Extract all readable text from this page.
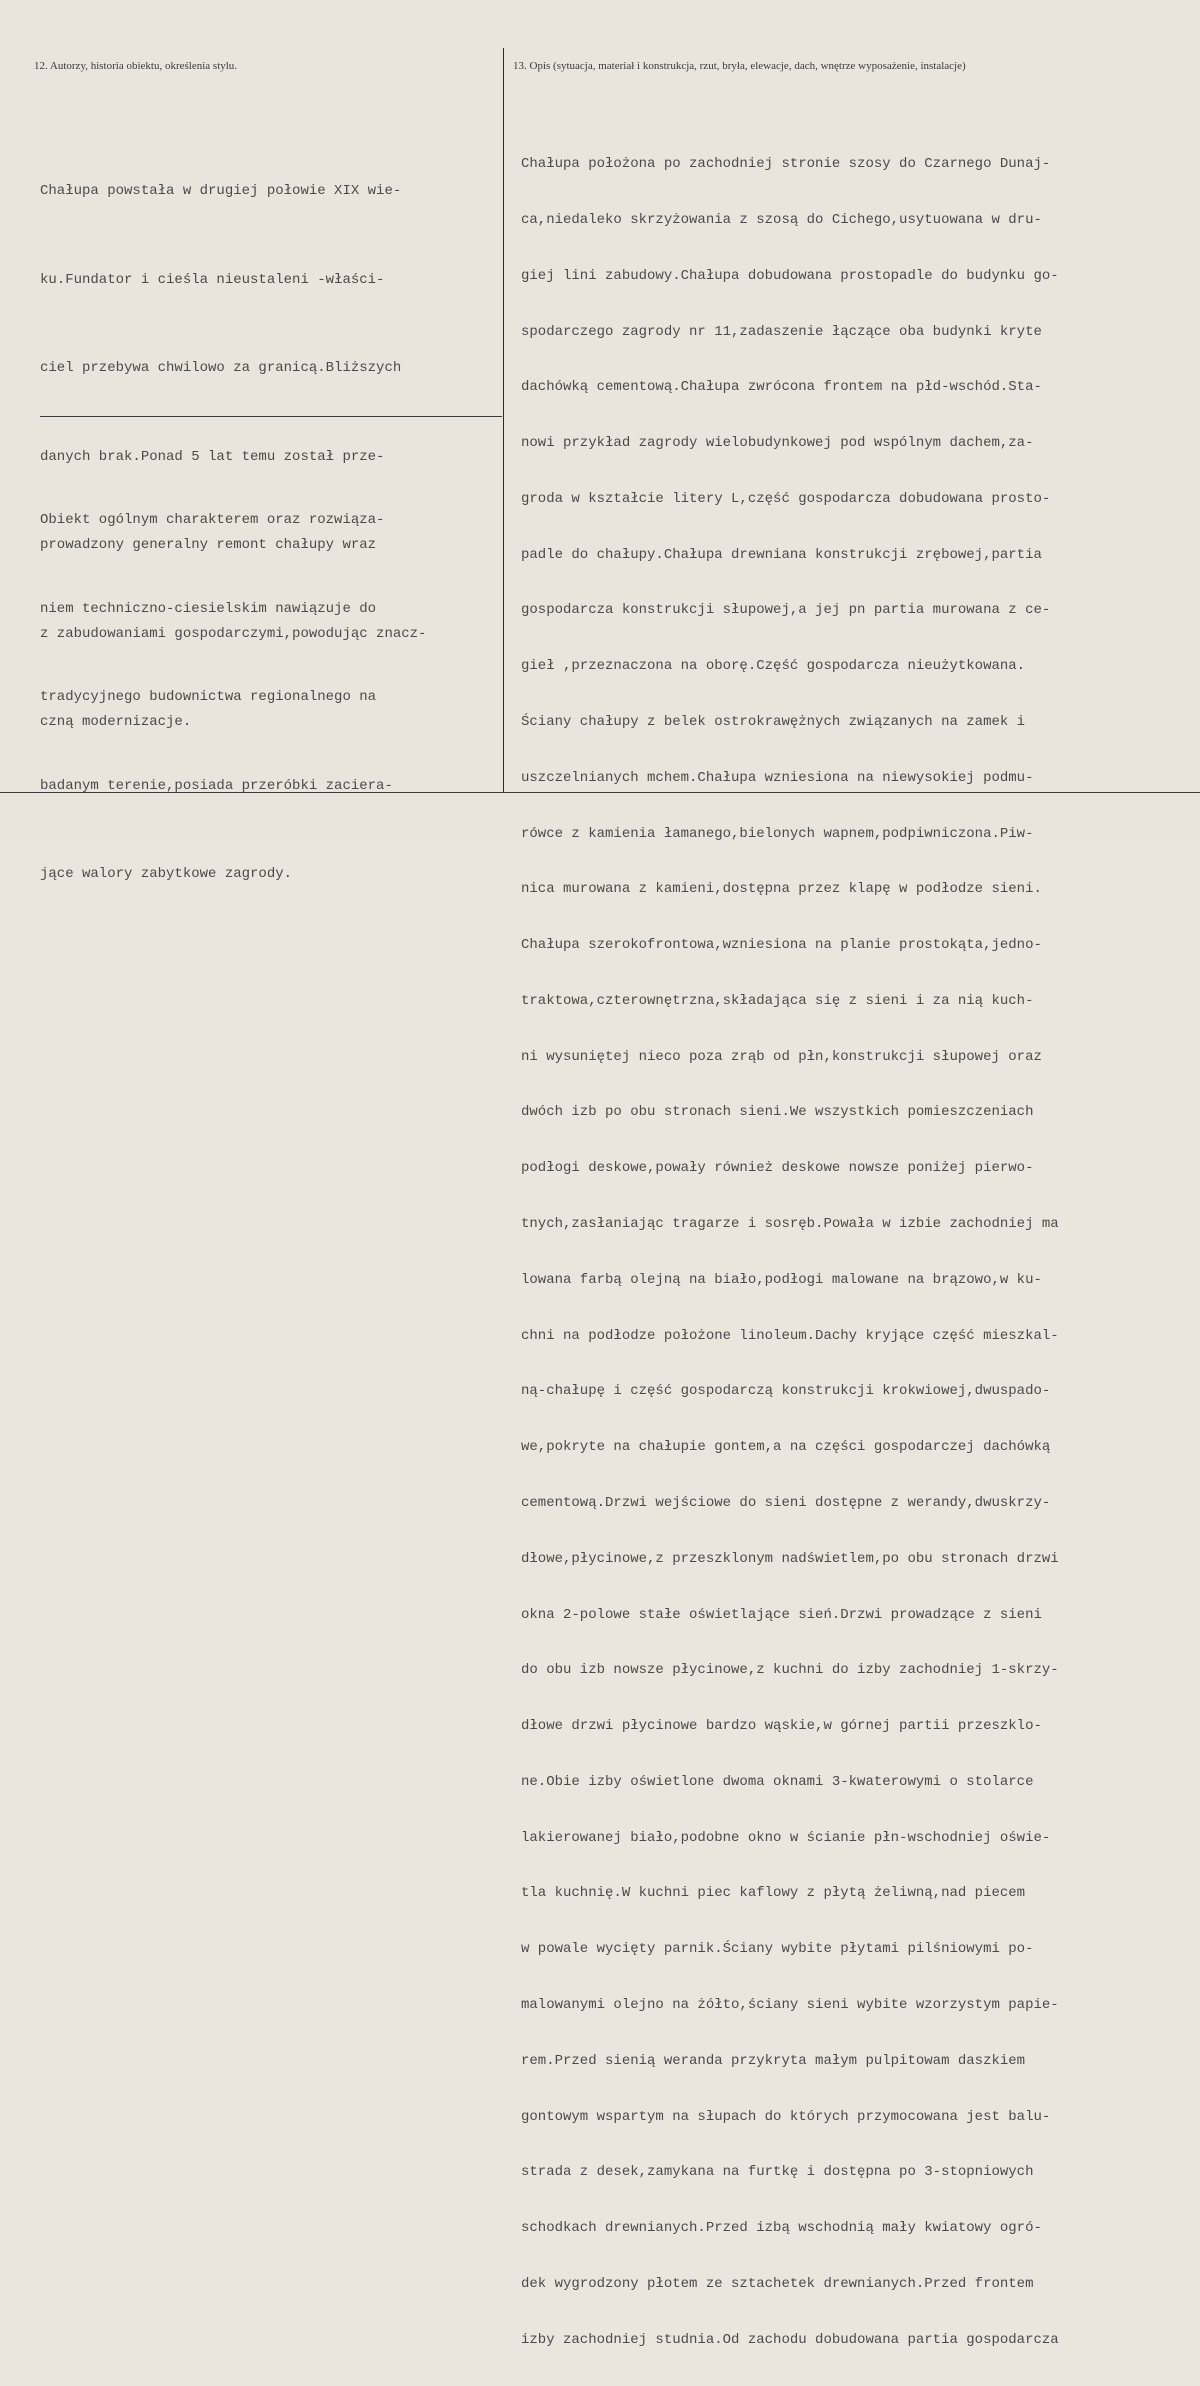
12. Autorzy, historia obiektu, określenia stylu.	13. Opis (sytuacja, materiał i konstrukcja, rzut, bryła, elewacje, dach, wnętrze wyposażenie, instalacje)

Chałupa powstała w drugiej połowie XIX wie-

ku.Fundator i cieśla nieustaleni -właści-

ciel przebywa chwilowo za granicą.Bliższych

danych brak.Ponad 5 lat temu został prze-

prowadzony generalny remont chałupy wraz

z zabudowaniami gospodarczymi,powodując znacz-

czną modernizacje.

Obiekt ogólnym charakterem oraz rozwiąza-

niem techniczno-ciesielskim nawiązuje do

tradycyjnego budownictwa regionalnego na

badanym terenie,posiada przeróbki zaciera-

jące walory zabytkowe zagrody.

Chałupa położona po zachodniej stronie szosy do Czarnego Dunaj-

ca,niedaleko skrzyżowania z szosą do Cichego,usytuowana w dru-

giej lini zabudowy.Chałupa dobudowana prostopadle do budynku go-

spodarczego zagrody nr 11,zadaszenie łączące oba budynki kryte

dachówką cementową.Chałupa zwrócona frontem na płd-wschód.Sta-

nowi przykład zagrody wielobudynkowej pod wspólnym dachem,za-

groda w kształcie litery L,część gospodarcza dobudowana prosto-

padle do chałupy.Chałupa drewniana konstrukcji zrębowej,partia

gospodarcza konstrukcji słupowej,a jej pn partia murowana z ce-

gieł ,przeznaczona na oborę.Część gospodarcza nieużytkowana.

Ściany chałupy z belek ostrokrawężnych związanych na zamek i

uszczelnianych mchem.Chałupa wzniesiona na niewysokiej podmu-

rówce z kamienia łamanego,bielonych wapnem,podpiwniczona.Piw-

nica murowana z kamieni,dostępna przez klapę w podłodze sieni.

Chałupa szerokofrontowa,wzniesiona na planie prostokąta,jedno-

traktowa,czterownętrzna,składająca się z sieni i za nią kuch-

ni wysuniętej nieco poza zrąb od płn,konstrukcji słupowej oraz

dwóch izb po obu stronach sieni.We wszystkich pomieszczeniach

podłogi deskowe,powały również deskowe nowsze poniżej pierwo-

tnych,zasłaniając tragarze i sosręb.Powała w izbie zachodniej ma

lowana farbą olejną na biało,podłogi malowane na brązowo,w ku-

chni na podłodze położone linoleum.Dachy kryjące część mieszkal-

ną-chałupę i część gospodarczą konstrukcji krokwiowej,dwuspado-

we,pokryte na chałupie gontem,a na części gospodarczej dachówką

cementową.Drzwi wejściowe do sieni dostępne z werandy,dwuskrzy-

dłowe,płycinowe,z przeszklonym nadświetlem,po obu stronach drzwi

okna 2-polowe stałe oświetlające sień.Drzwi prowadzące z sieni

do obu izb nowsze płycinowe,z kuchni do izby zachodniej 1-skrzy-

dłowe drzwi płycinowe bardzo wąskie,w górnej partii przeszklo-

ne.Obie izby oświetlone dwoma oknami 3-kwaterowymi o stolarce

lakierowanej biało,podobne okno w ścianie płn-wschodniej oświe-

tla kuchnię.W kuchni piec kaflowy z płytą żeliwną,nad piecem

w powale wycięty parnik.Ściany wybite płytami pilśniowymi po-

malowanymi olejno na żółto,ściany sieni wybite wzorzystym papie-

rem.Przed sienią weranda przykryta małym pulpitowam daszkiem

gontowym wspartym na słupach do których przymocowana jest balu-

strada z desek,zamykana na furtkę i dostępna po 3-stopniowych

schodkach drewnianych.Przed izbą wschodnią mały kwiatowy ogró-

dek wygrodzony płotem ze sztachetek drewnianych.Przed frontem

izby zachodniej studnia.Od zachodu dobudowana partia gospodarcza
